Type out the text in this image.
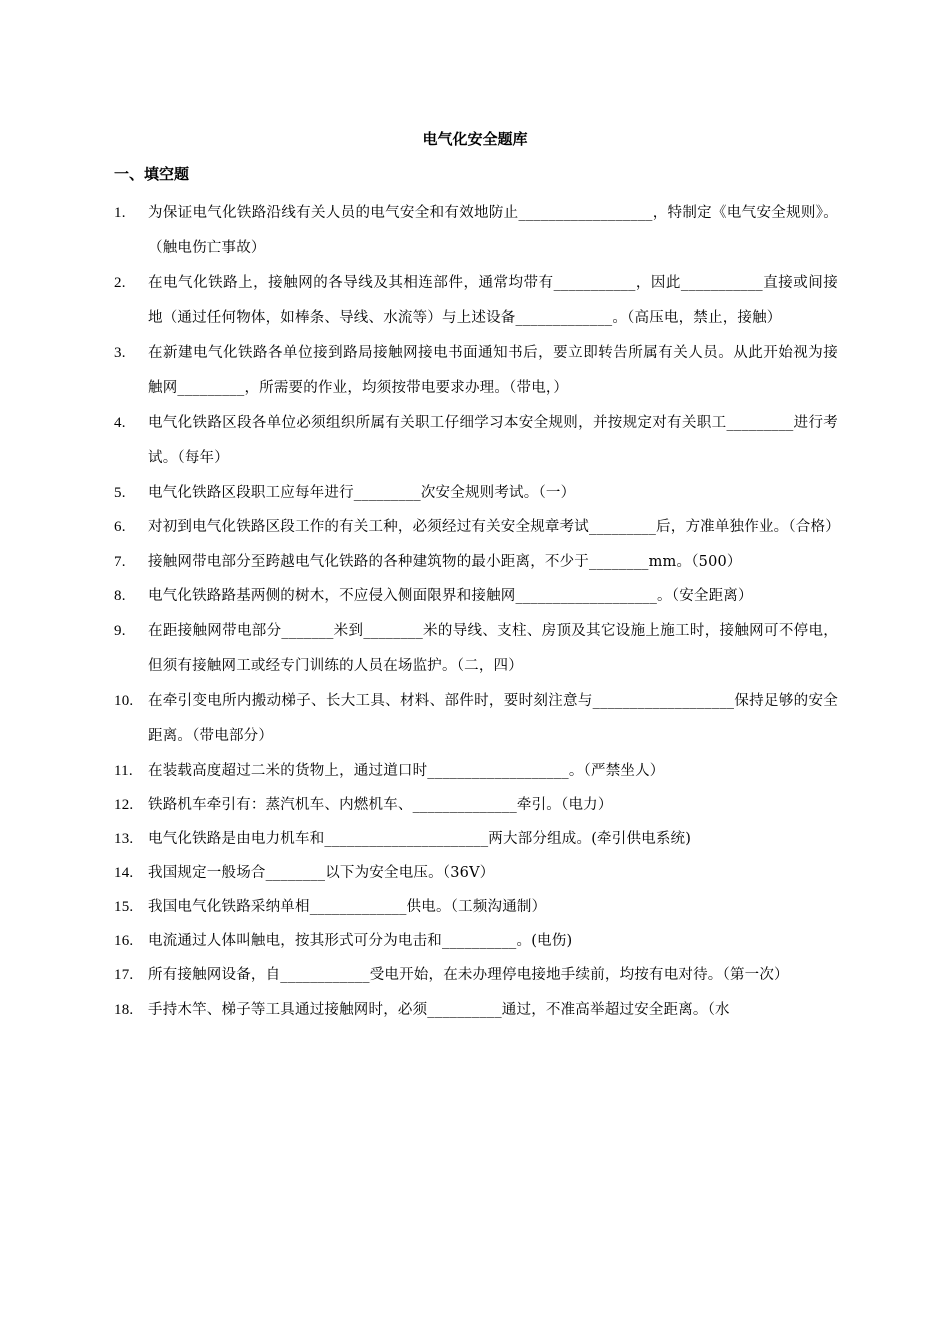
电气化安全题库
一、填空题
1.	为保证电气化铁路沿线有关人员的电气安全和有效地防止__________________，特制定《电气安全规则》。（触电伤亡事故）
2.	在电气化铁路上，接触网的各导线及其相连部件，通常均带有___________，因此___________直接或间接地（通过任何物体，如棒条、导线、水流等）与上述设备_____________。（高压电，禁止，接触）
3.	在新建电气化铁路各单位接到路局接触网接电书面通知书后，要立即转告所属有关人员。从此开始视为接触网_________，所需要的作业，均须按带电要求办理。（带电，）
4.	电气化铁路区段各单位必须组织所属有关职工仔细学习本安全规则，并按规定对有关职工_________进行考试。（每年）
5.	电气化铁路区段职工应每年进行_________次安全规则考试。（一）
6.	对初到电气化铁路区段工作的有关工种，必须经过有关安全规章考试_________后，方准单独作业。（合格）
7.	接触网带电部分至跨越电气化铁路的各种建筑物的最小距离，不少于________mm。（500）
8.	电气化铁路路基两侧的树木，不应侵入侧面限界和接触网___________________。（安全距离）
9.	在距接触网带电部分_______米到________米的导线、支柱、房顶及其它设施上施工时，接触网可不停电，但须有接触网工或经专门训练的人员在场监护。（二，四）
10.	在牵引变电所内搬动梯子、长大工具、材料、部件时，要时刻注意与___________________保持足够的安全距离。（带电部分）
11.	在装载高度超过二米的货物上，通过道口时___________________。（严禁坐人）
12.	铁路机车牵引有：蒸汽机车、内燃机车、______________牵引。（电力）
13.	电气化铁路是由电力机车和______________________两大部分组成。(牵引供电系统)
14.	我国规定一般场合________以下为安全电压。（36V）
15.	我国电气化铁路采纳单相_____________供电。（工频沟通制）
16.	电流通过人体叫触电，按其形式可分为电击和__________。(电伤)
17.	所有接触网设备，自____________受电开始，在未办理停电接地手续前，均按有电对待。（第一次）
18.	手持木竿、梯子等工具通过接触网时，必须__________通过，不准高举超过安全距离。（水
